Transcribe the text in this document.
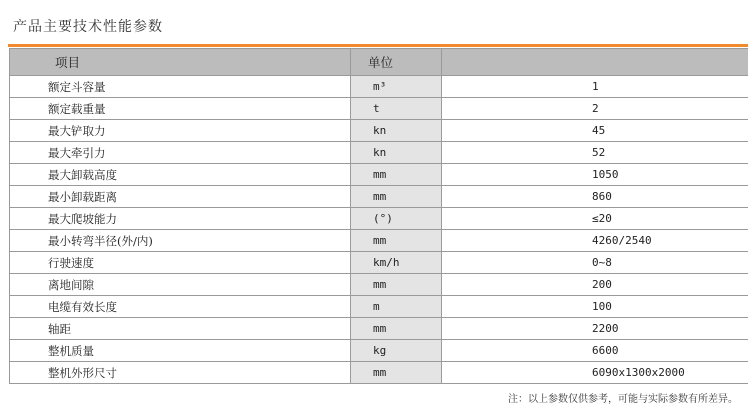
产品主要技术性能参数
项目	单位	
额定斗容量	m³	1
额定载重量	t	2
最大铲取力	kn	45
最大牵引力	kn	52
最大卸载高度	mm	1050
最小卸载距离	mm	860
最大爬坡能力	(°)	≤20
最小转弯半径(外/内)	mm	4260/2540
行驶速度	km/h	0~8
离地间隙	mm	200
电缆有效长度	m	100
轴距	mm	2200
整机质量	kg	6600
整机外形尺寸	mm	6090x1300x2000
注：以上参数仅供参考，可能与实际参数有所差异。
